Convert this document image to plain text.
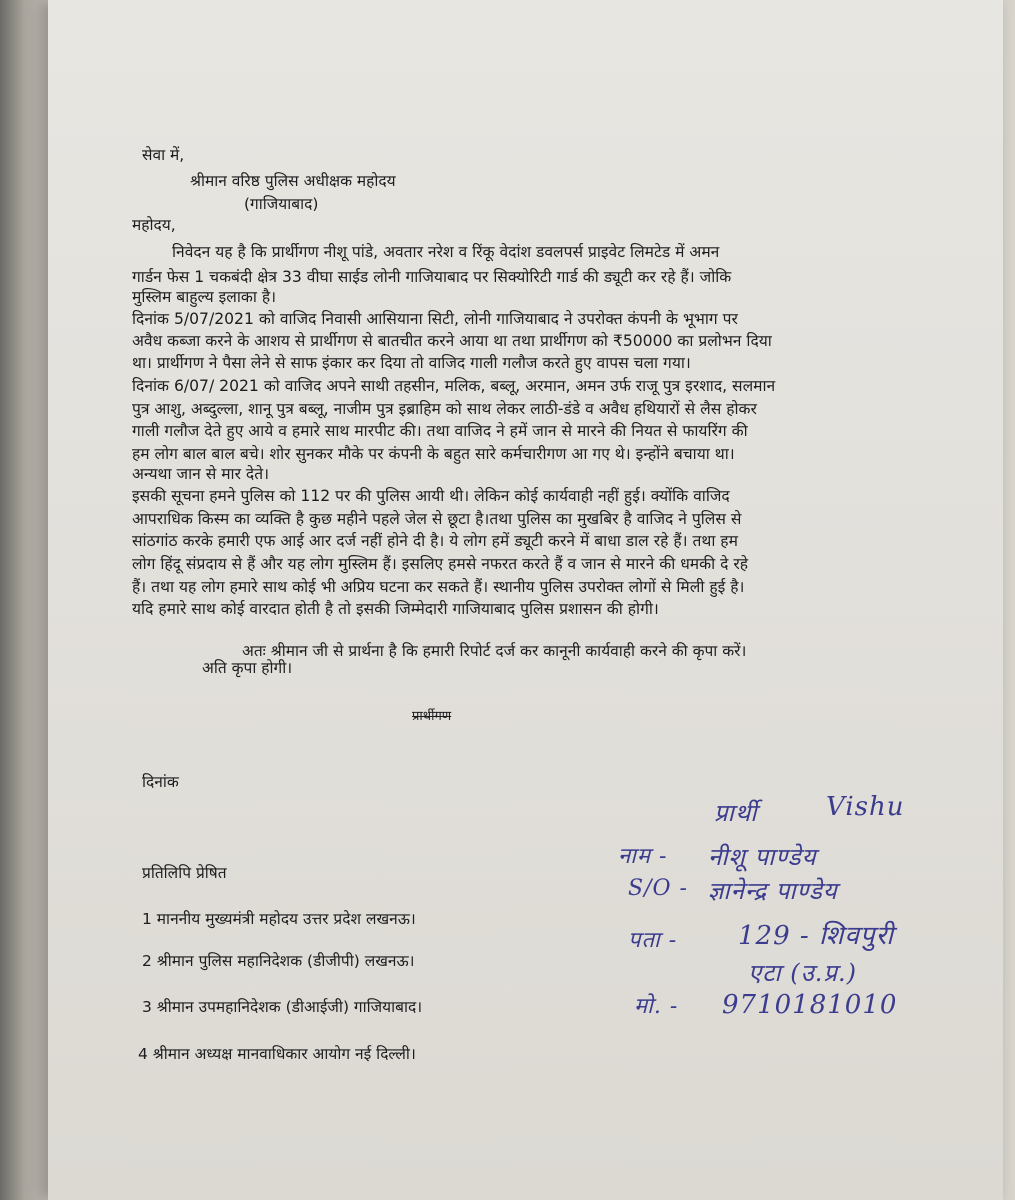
सेवा में,
श्रीमान वरिष्ठ पुलिस अधीक्षक महोदय
(गाजियाबाद)
महोदय,
निवेदन यह है कि प्रार्थीगण नीशू पांडे, अवतार नरेश व रिंकू वेदांश डवलपर्स प्राइवेट लिमटेड में अमन
गार्डन फेस 1 चकबंदी क्षेत्र 33 वीघा साईड लोनी गाजियाबाद पर सिक्योरिटी गार्ड की ड्यूटी कर रहे हैं। जोकि
मुस्लिम बाहुल्य इलाका है।
दिनांक 5/07/2021 को वाजिद निवासी आसियाना सिटी, लोनी गाजियाबाद ने उपरोक्त कंपनी के भूभाग पर
अवैध कब्जा करने के आशय से प्रार्थीगण से बातचीत करने आया था तथा प्रार्थीगण को ₹50000 का प्रलोभन दिया
था। प्रार्थीगण ने पैसा लेने से साफ इंकार कर दिया तो वाजिद गाली गलौज करते हुए वापस चला गया।
दिनांक 6/07/ 2021 को वाजिद अपने साथी तहसीन, मलिक, बब्लू, अरमान, अमन उर्फ राजू पुत्र इरशाद, सलमान
पुत्र आशु, अब्दुल्ला, शानू पुत्र बब्लू, नाजीम पुत्र इब्राहिम को साथ लेकर लाठी-डंडे व अवैध हथियारों से लैस होकर
गाली गलौज देते हुए आये व हमारे साथ मारपीट की। तथा वाजिद ने हमें जान से मारने की नियत से फायरिंग की
हम लोग बाल बाल बचे। शोर सुनकर मौके पर कंपनी के बहुत सारे कर्मचारीगण आ गए थे। इन्होंने बचाया था।
अन्यथा जान से मार देते।
इसकी सूचना हमने पुलिस को 112 पर की पुलिस आयी थी। लेकिन कोई कार्यवाही नहीं हुई। क्योंकि वाजिद
आपराधिक किस्म का व्यक्ति है कुछ महीने पहले जेल से छूटा है।तथा पुलिस का मुखबिर है वाजिद ने पुलिस से
सांठगांठ करके हमारी एफ आई आर दर्ज नहीं होने दी है। ये लोग हमें ड्यूटी करने में बाधा डाल रहे हैं। तथा हम
लोग हिंदू संप्रदाय से हैं और यह लोग मुस्लिम हैं। इसलिए हमसे नफरत करते हैं व जान से मारने की धमकी दे रहे
हैं। तथा यह लोग हमारे साथ कोई भी अप्रिय घटना कर सकते हैं। स्थानीय पुलिस उपरोक्त लोगों से मिली हुई है।
यदि हमारे साथ कोई वारदात होती है तो इसकी जिम्मेदारी गाजियाबाद पुलिस प्रशासन की होगी।
अतः श्रीमान जी से प्रार्थना है कि हमारी रिपोर्ट दर्ज कर कानूनी कार्यवाही करने की कृपा करें।
अति कृपा होगी।
प्रार्थीगण
दिनांक
प्रतिलिपि प्रेषित
1 माननीय मुख्यमंत्री महोदय उत्तर प्रदेश लखनऊ।
2 श्रीमान पुलिस महानिदेशक (डीजीपी) लखनऊ।
3 श्रीमान उपमहानिदेशक (डीआईजी) गाजियाबाद।
4 श्रीमान अध्यक्ष मानवाधिकार आयोग नई दिल्ली।
प्रार्थी	Vishu
नाम - नीशू पाण्डेय
S/O - ज्ञानेन्द्र पाण्डेय
पता - 129 - शिवपुरी
एटा (उ.प्र.)
मो. - 9710181010
